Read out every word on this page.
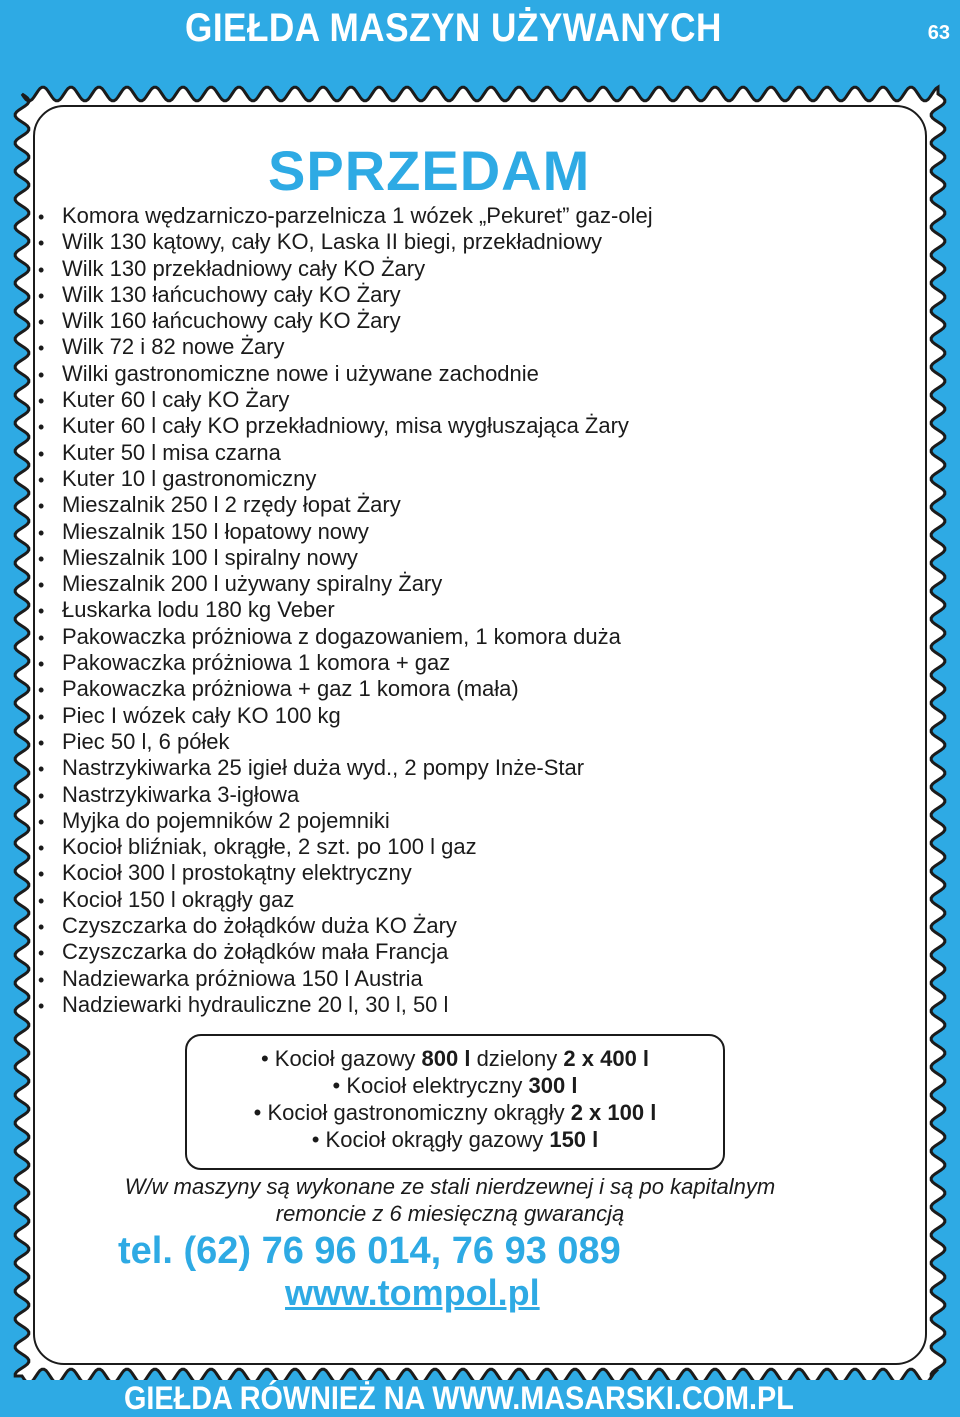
GIEŁDA MASZYN UŻYWANYCH	63
SPRZEDAM
• Komora wędzarniczo-parzelnicza 1 wózek „Pekuret” gaz-olej
• Wilk 130 kątowy, cały KO, Laska II biegi, przekładniowy
• Wilk 130 przekładniowy cały KO Żary
• Wilk 130 łańcuchowy cały KO Żary
• Wilk 160 łańcuchowy cały KO Żary
• Wilk 72 i 82 nowe Żary
• Wilki gastronomiczne nowe i używane zachodnie
• Kuter 60 l cały KO Żary
• Kuter 60 l cały KO przekładniowy, misa wygłuszająca Żary
• Kuter 50 l misa czarna
• Kuter 10 l gastronomiczny
• Mieszalnik 250 l 2 rzędy łopat Żary
• Mieszalnik 150 l łopatowy nowy
• Mieszalnik 100 l spiralny nowy
• Mieszalnik 200 l używany spiralny Żary
• Łuskarka lodu 180 kg Veber
• Pakowaczka próżniowa z dogazowaniem, 1 komora duża
• Pakowaczka próżniowa 1 komora + gaz
• Pakowaczka próżniowa + gaz 1 komora (mała)
• Piec I wózek cały KO 100 kg
• Piec 50 l, 6 półek
• Nastrzykiwarka 25 igieł duża wyd., 2 pompy Inże-Star
• Nastrzykiwarka 3-igłowa
• Myjka do pojemników 2 pojemniki
• Kocioł bliźniak, okrągłe, 2 szt. po 100 l gaz
• Kocioł 300 l prostokątny elektryczny
• Kocioł 150 l okrągły gaz
• Czyszczarka do żołądków duża KO Żary
• Czyszczarka do żołądków mała Francja
• Nadziewarka próżniowa 150 l Austria
• Nadziewarki hydrauliczne 20 l, 30 l, 50 l
• Kocioł gazowy 800 l dzielony 2 x 400 l
• Kocioł elektryczny 300 l
• Kocioł gastronomiczny okrągły 2 x 100 l
• Kocioł okrągły gazowy 150 l
W/w maszyny są wykonane ze stali nierdzewnej i są po kapitalnym
remoncie z 6 miesięczną gwarancją
tel. (62) 76 96 014, 76 93 089
www.tompol.pl
GIEŁDA RÓWNIEŻ NA WWW.MASARSKI.COM.PL
